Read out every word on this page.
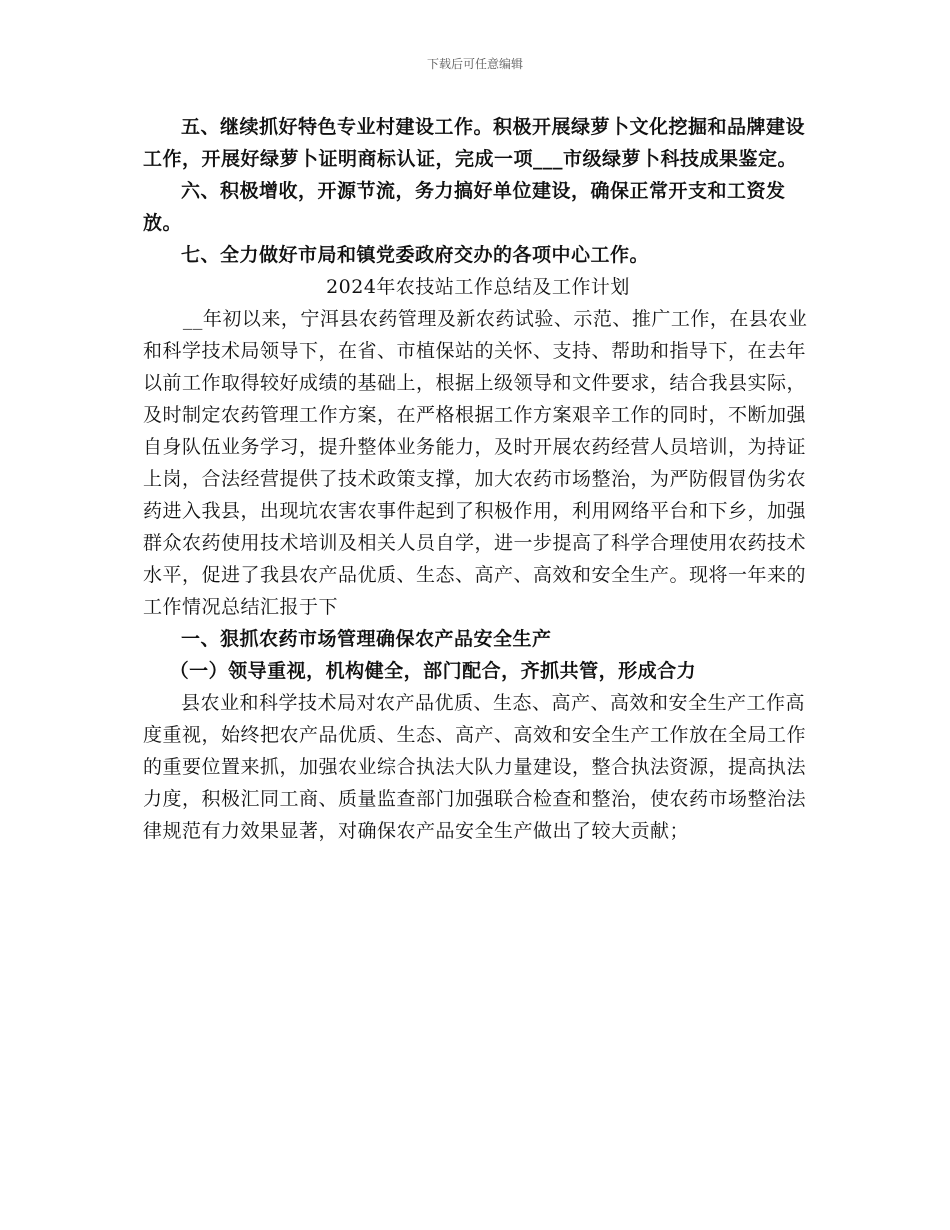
下载后可任意编辑

五、继续抓好特色专业村建设工作。积极开展绿萝卜文化挖掘和品牌建设工作，开展好绿萝卜证明商标认证，完成一项___市级绿萝卜科技成果鉴定。

六、积极增收，开源节流，务力搞好单位建设，确保正常开支和工资发放。

七、全力做好市局和镇党委政府交办的各项中心工作。

2024年农技站工作总结及工作计划

__年初以来，宁洱县农药管理及新农药试验、示范、推广工作，在县农业和科学技术局领导下，在省、市植保站的关怀、支持、帮助和指导下，在去年以前工作取得较好成绩的基础上，根据上级领导和文件要求，结合我县实际，及时制定农药管理工作方案，在严格根据工作方案艰辛工作的同时，不断加强自身队伍业务学习，提升整体业务能力，及时开展农药经营人员培训，为持证上岗，合法经营提供了技术政策支撑，加大农药市场整治，为严防假冒伪劣农药进入我县，出现坑农害农事件起到了积极作用，利用网络平台和下乡，加强群众农药使用技术培训及相关人员自学，进一步提高了科学合理使用农药技术水平，促进了我县农产品优质、生态、高产、高效和安全生产。现将一年来的工作情况总结汇报于下

一、狠抓农药市场管理确保农产品安全生产

（一）领导重视，机构健全，部门配合，齐抓共管，形成合力

县农业和科学技术局对农产品优质、生态、高产、高效和安全生产工作高度重视，始终把农产品优质、生态、高产、高效和安全生产工作放在全局工作的重要位置来抓，加强农业综合执法大队力量建设，整合执法资源，提高执法力度，积极汇同工商、质量监查部门加强联合检查和整治，使农药市场整治法律规范有力效果显著，对确保农产品安全生产做出了较大贡献；
